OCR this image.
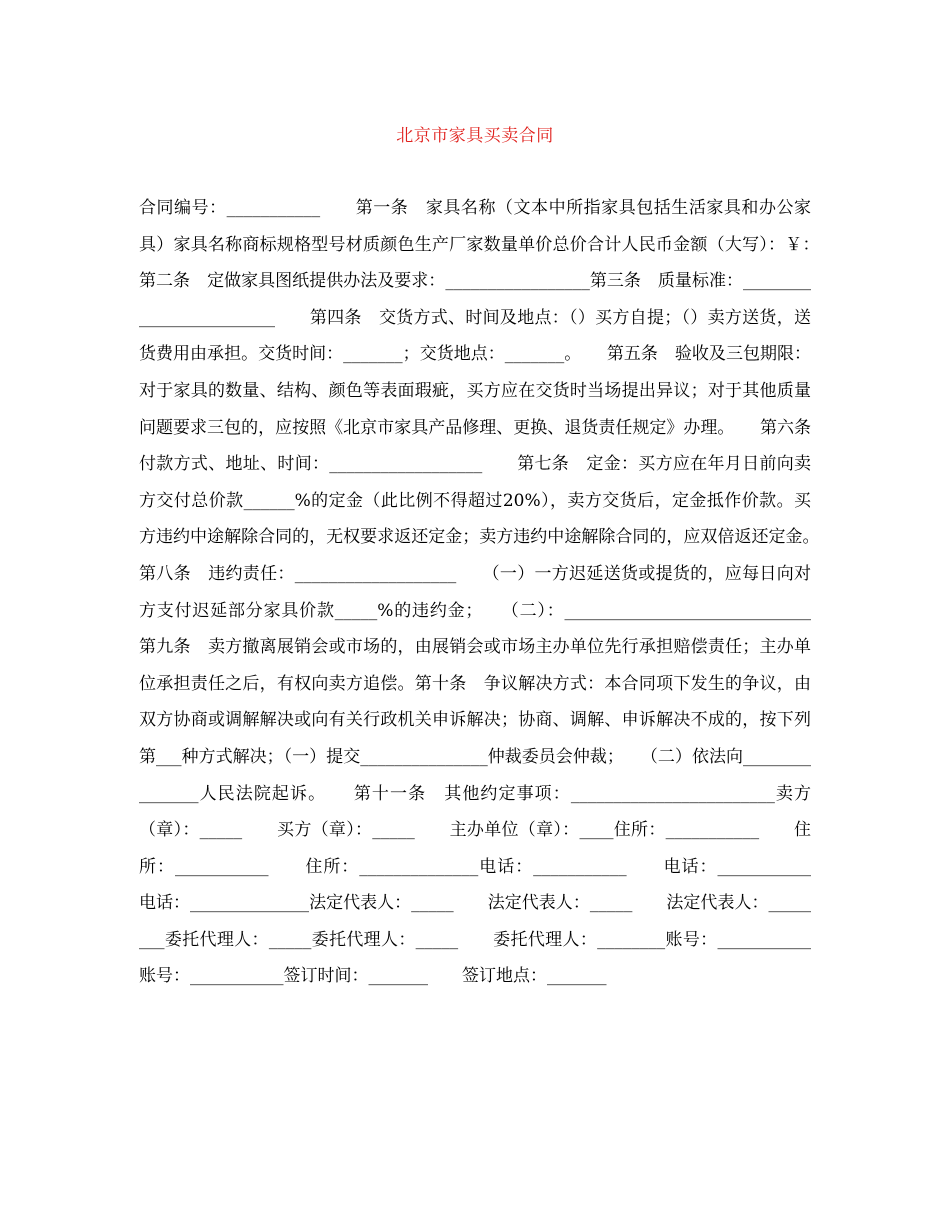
北京市家具买卖合同

合同编号：___________　　第一条　家具名称（文本中所指家具包括生活家具和办公家具）家具名称商标规格型号材质颜色生产厂家数量单价总价合计人民币金额（大写）：￥：　　第二条　定做家具图纸提供办法及要求：_________________第三条　质量标准：________________________　　第四条　交货方式、时间及地点：（）买方自提；（）卖方送货，送货费用由承担。交货时间：_______；交货地点：_______。　　第五条　验收及三包期限：对于家具的数量、结构、颜色等表面瑕疵，买方应在交货时当场提出异议；对于其他质量问题要求三包的，应按照《北京市家具产品修理、更换、退货责任规定》办理。　　第六条　付款方式、地址、时间：__________________　　第七条　定金：买方应在年月日前向卖方交付总价款______%的定金（此比例不得超过20%），卖方交货后，定金抵作价款。买方违约中途解除合同的，无权要求返还定金；卖方违约中途解除合同的，应双倍返还定金。　　第八条　违约责任：___________________　　（一）一方迟延送货或提货的，应每日向对方支付迟延部分家具价款_____%的违约金；　　（二）：_____________________________　　第九条　卖方撤离展销会或市场的，由展销会或市场主办单位先行承担赔偿责任；主办单位承担责任之后，有权向卖方追偿。第十条　争议解决方式：本合同项下发生的争议，由双方协商或调解解决或向有关行政机关申诉解决；协商、调解、申诉解决不成的，按下列第___种方式解决；（一）提交_______________仲裁委员会仲裁；　　（二）依法向_______________人民法院起诉。　　第十一条　其他约定事项：________________________卖方（章）：_____　　买方（章）：_____　　主办单位（章）：____住所：___________　　住所：___________　　住所：______________电话：___________　　电话：___________　　电话：______________法定代表人：_____　　法定代表人：_____　　法定代表人：________委托代理人：_____委托代理人：_____　　委托代理人：________账号：___________　　账号：___________签订时间：_______　　签订地点：_______
